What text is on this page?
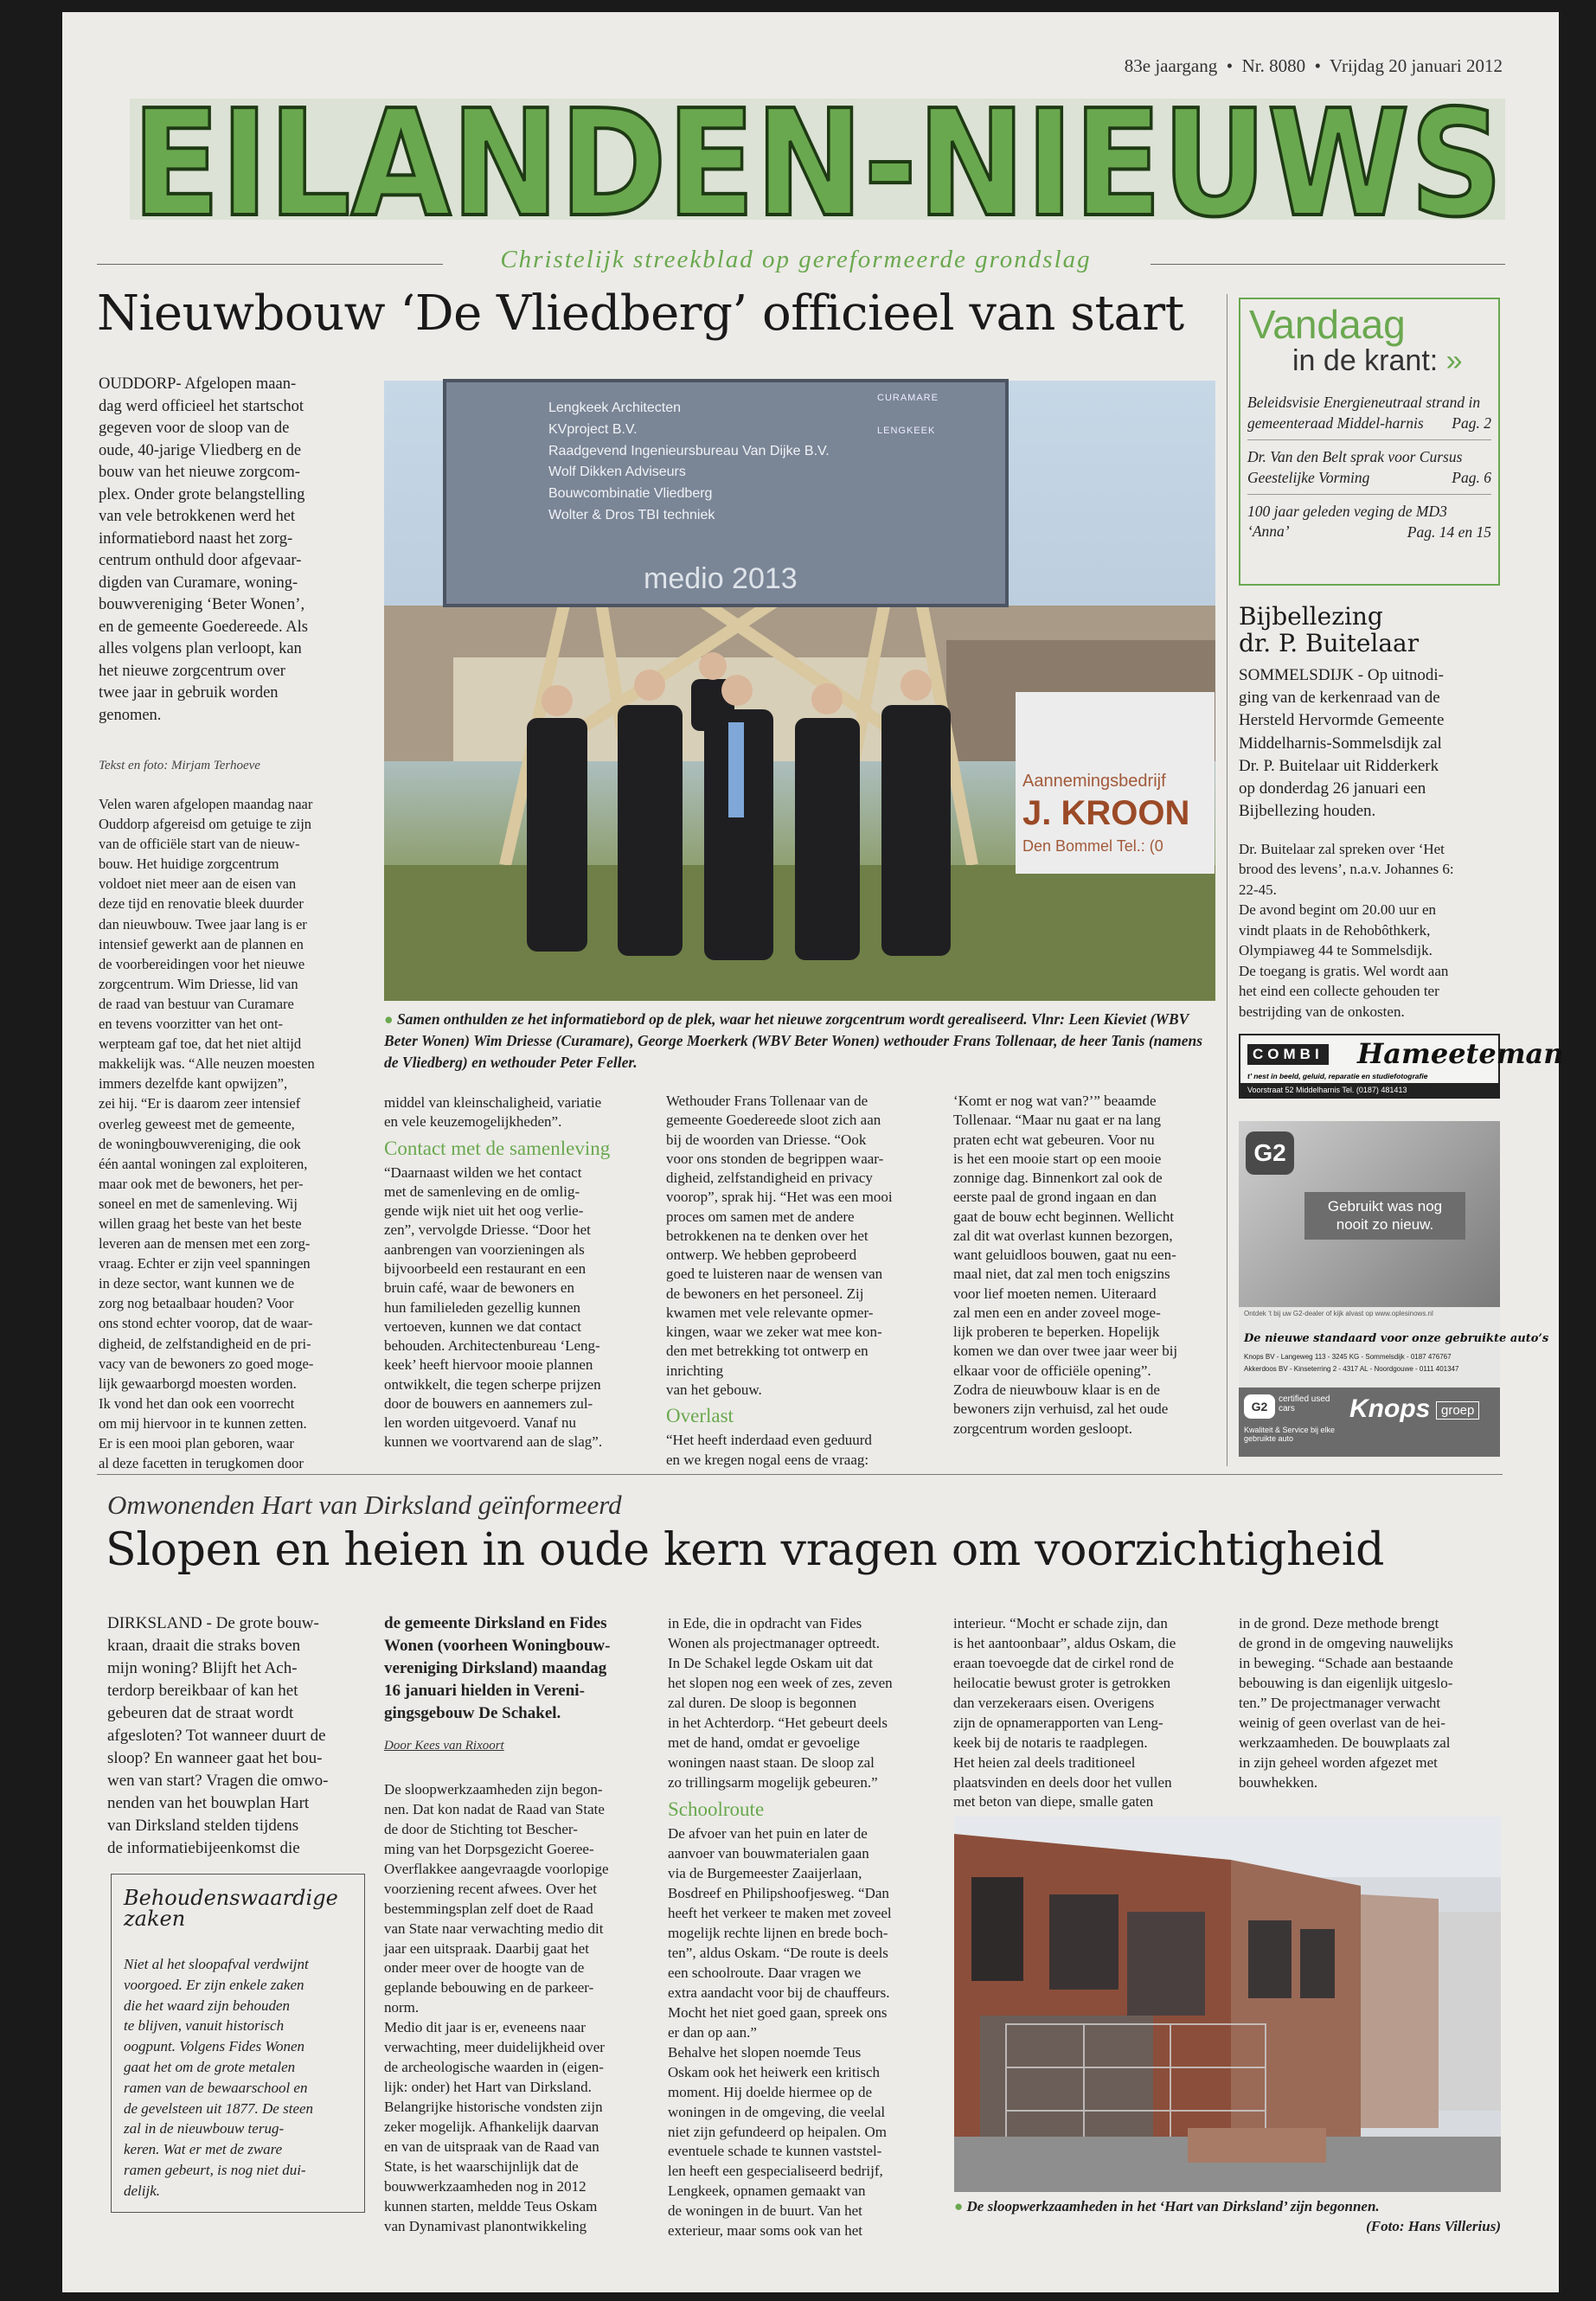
83e jaargang  •  Nr. 8080  •  Vrijdag 20 januari 2012
EILANDEN-NIEUWS
Christelijk streekblad op gereformeerde grondslag
Nieuwbouw ‘De Vliedberg’ officieel van start

OUDDORP- Afgelopen maan-
dag werd officieel het startschot
gegeven voor de sloop van de
oude, 40-jarige Vliedberg en de
bouw van het nieuwe zorgcom-
plex. Onder grote belangstelling
van vele betrokkenen werd het
informatiebord naast het zorg-
centrum onthuld door afgevaar-
digden van Curamare, woning-
bouwvereniging ‘Beter Wonen’,
en de gemeente Goedereede. Als
alles volgens plan verloopt, kan
het nieuwe zorgcentrum over
twee jaar in gebruik worden
genomen.

Tekst en foto: Mirjam Terhoeve

Velen waren afgelopen maandag naar
Ouddorp afgereisd om getuige te zijn
van de officiële start van de nieuw-
bouw. Het huidige zorgcentrum
voldoet niet meer aan de eisen van
deze tijd en renovatie bleek duurder
dan nieuwbouw. Twee jaar lang is er
intensief gewerkt aan de plannen en
de voorbereidingen voor het nieuwe
zorgcentrum. Wim Driesse, lid van
de raad van bestuur van Curamare
en tevens voorzitter van het ont-
werpteam gaf toe, dat het niet altijd
makkelijk was. “Alle neuzen moesten
immers dezelfde kant opwijzen”,
zei hij. “Er is daarom zeer intensief
overleg geweest met de gemeente,
de woningbouwvereniging, die ook
één aantal woningen zal exploiteren,
maar ook met de bewoners, het per-
soneel en met de samenleving. Wij
willen graag het beste van het beste
leveren aan de mensen met een zorg-
vraag. Echter er zijn veel spanningen
in deze sector, want kunnen we de
zorg nog betaalbaar houden? Voor
ons stond echter voorop, dat de waar-
digheid, de zelfstandigheid en de pri-
vacy van de bewoners zo goed moge-
lijk gewaarborgd moesten worden.
Ik vond het dan ook een voorrecht
om mij hiervoor in te kunnen zetten.
Er is een mooi plan geboren, waar
al deze facetten in terugkomen door

Lengkeek Architecten
KVproject B.V.
Raadgevend Ingenieursbureau Van Dijke B.V.
Wolf Dikken Adviseurs
Bouwcombinatie Vliedberg
Wolter & Dros TBI techniek
CURAMARE
LENGKEEK
medio 2013
Aannemingsbedrijf
J. KROON
Den Bommel Tel.: (0
● Samen onthulden ze het informatiebord op de plek, waar het nieuwe zorgcentrum wordt gerealiseerd. Vlnr: Leen Kieviet (WBV Beter Wonen) Wim Driesse (Curamare), George Moerkerk (WBV Beter Wonen) wethouder Frans Tollenaar, de heer Tanis (namens de Vliedberg) en wethouder Peter Feller.

middel van kleinschaligheid, variatie
en vele keuzemogelijkheden”.

Contact met de samenleving

“Daarnaast wilden we het contact
met de samenleving en de omlig-
gende wijk niet uit het oog verlie-
zen”, vervolgde Driesse. “Door het
aanbrengen van voorzieningen als
bijvoorbeeld een restaurant en een
bruin café, waar de bewoners en
hun familieleden gezellig kunnen
vertoeven, kunnen we dat contact
behouden. Architectenbureau ‘Leng-
keek’ heeft hiervoor mooie plannen
ontwikkelt, die tegen scherpe prijzen
door de bouwers en aannemers zul-
len worden uitgevoerd. Vanaf nu
kunnen we voortvarend aan de slag”.

Wethouder Frans Tollenaar van de
gemeente Goedereede sloot zich aan
bij de woorden van Driesse. “Ook
voor ons stonden de begrippen waar-
digheid, zelfstandigheid en privacy
voorop”, sprak hij. “Het was een mooi
proces om samen met de andere
betrokkenen na te denken over het
ontwerp. We hebben geprobeerd
goed te luisteren naar de wensen van
de bewoners en het personeel. Zij
kwamen met vele relevante opmer-
kingen, waar we zeker wat mee kon-
den met betrekking tot ontwerp en inrichting
van het gebouw.

Overlast

“Het heeft inderdaad even geduurd
en we kregen nogal eens de vraag:

‘Komt er nog wat van?’” beaamde
Tollenaar. “Maar nu gaat er na lang
praten echt wat gebeuren. Voor nu
is het een mooie start op een mooie
zonnige dag. Binnenkort zal ook de
eerste paal de grond ingaan en dan
gaat de bouw echt beginnen. Wellicht
zal dit wat overlast kunnen bezorgen,
want geluidloos bouwen, gaat nu een-
maal niet, dat zal men toch enigszins
voor lief moeten nemen. Uiteraard
zal men een en ander zoveel moge-
lijk proberen te beperken. Hopelijk
komen we dan over twee jaar weer bij
elkaar voor de officiële opening”.
Zodra de nieuwbouw klaar is en de
bewoners zijn verhuisd, zal het oude
zorgcentrum worden gesloopt.

Vandaag
in de krant: »
Beleidsvisie Energieneutraal strand in gemeenteraad Middel-harnis	Pag. 2
Dr. Van den Belt sprak voor Cursus Geestelijke Vorming	Pag. 6
100 jaar geleden veging de MD3 ‘Anna’	Pag. 14 en 15
Bijbellezing
dr. P. Buitelaar

SOMMELSDIJK - Op uitnodi-
ging van de kerkenraad van de
Hersteld Hervormde Gemeente
Middelharnis-Sommelsdijk zal
Dr. P. Buitelaar uit Ridderkerk
op donderdag 26 januari een
Bijbellezing houden.

Dr. Buitelaar zal spreken over ‘Het
brood des levens’, n.a.v. Johannes 6:
22-45.
De avond begint om 20.00 uur en
vindt plaats in de Rehobôthkerk,
Olympiaweg 44 te Sommelsdijk.
De toegang is gratis. Wel wordt aan
het eind een collecte gehouden ter
bestrijding van de onkosten.

COMBI Hameeteman
t’ nest in beeld, geluid, reparatie en studiefotografie
Voorstraat 52 Middelharnis Tel. (0187) 481413
G2
Gebruikt was nog nooit zo nieuw.
Ontdek ’t bij uw G2-dealer of kijk alvast op www.oplesinows.nl
De nieuwe standaard voor onze gebruikte auto’s
Knops BV - Langeweg 113 - 3245 KG - Sommelsdijk - 0187 476767
Akkerdoos BV - Kinseterring 2 - 4317 AL - Noordgouwe - 0111 401347
G2
certified used cars
Kwaliteit & Service bij elke gebruikte auto
Knops groep
Omwonenden Hart van Dirksland geïnformeerd
Slopen en heien in oude kern vragen om voorzichtigheid

DIRKSLAND - De grote bouw-
kraan, draait die straks boven
mijn woning? Blijft het Ach-
terdorp bereikbaar of kan het
gebeuren dat de straat wordt
afgesloten? Tot wanneer duurt de
sloop? En wanneer gaat het bou-
wen van start? Vragen die omwo-
nenden van het bouwplan Hart
van Dirksland stelden tijdens
de informatiebijeenkomst die

Behoudenswaardige
zaken
Niet al het sloopafval verdwijnt
voorgoed. Er zijn enkele zaken
die het waard zijn behouden
te blijven, vanuit historisch
oogpunt. Volgens Fides Wonen
gaat het om de grote metalen
ramen van de bewaarschool en
de gevelsteen uit 1877. De steen
zal in de nieuwbouw terug-
keren. Wat er met de zware
ramen gebeurt, is nog niet dui-
delijk.

de gemeente Dirksland en Fides
Wonen (voorheen Woningbouw-
vereniging Dirksland) maandag
16 januari hielden in Vereni-
gingsgebouw De Schakel.

Door Kees van Rixoort

De sloopwerkzaamheden zijn begon-
nen. Dat kon nadat de Raad van State
de door de Stichting tot Bescher-
ming van het Dorpsgezicht Goeree-
Overflakkee aangevraagde voorlopige
voorziening recent afwees. Over het
bestemmingsplan zelf doet de Raad
van State naar verwachting medio dit
jaar een uitspraak. Daarbij gaat het
onder meer over de hoogte van de
geplande bebouwing en de parkeer-
norm.
Medio dit jaar is er, eveneens naar
verwachting, meer duidelijkheid over
de archeologische waarden in (eigen-
lijk: onder) het Hart van Dirksland.
Belangrijke historische vondsten zijn
zeker mogelijk. Afhankelijk daarvan
en van de uitspraak van de Raad van
State, is het waarschijnlijk dat de
bouwwerkzaamheden nog in 2012
kunnen starten, meldde Teus Oskam
van Dynamivast planontwikkeling

in Ede, die in opdracht van Fides
Wonen als projectmanager optreedt.
In De Schakel legde Oskam uit dat
het slopen nog een week of zes, zeven
zal duren. De sloop is begonnen
in het Achterdorp. “Het gebeurt deels
met de hand, omdat er gevoelige
woningen naast staan. De sloop zal
zo trillingsarm mogelijk gebeuren.”

Schoolroute

De afvoer van het puin en later de
aanvoer van bouwmaterialen gaan
via de Burgemeester Zaaijerlaan,
Bosdreef en Philipshoofjesweg. “Dan
heeft het verkeer te maken met zoveel
mogelijk rechte lijnen en brede boch-
ten”, aldus Oskam. “De route is deels
een schoolroute. Daar vragen we
extra aandacht voor bij de chauffeurs.
Mocht het niet goed gaan, spreek ons
er dan op aan.”
Behalve het slopen noemde Teus
Oskam ook het heiwerk een kritisch
moment. Hij doelde hiermee op de
woningen in de omgeving, die veelal
niet zijn gefundeerd op heipalen. Om
eventuele schade te kunnen vaststel-
len heeft een gespecialiseerd bedrijf,
Lengkeek, opnamen gemaakt van
de woningen in de buurt. Van het
exterieur, maar soms ook van het

interieur. “Mocht er schade zijn, dan
is het aantoonbaar”, aldus Oskam, die
eraan toevoegde dat de cirkel rond de
heilocatie bewust groter is getrokken
dan verzekeraars eisen. Overigens
zijn de opnamerapporten van Leng-
keek bij de notaris te raadplegen.
Het heien zal deels traditioneel
plaatsvinden en deels door het vullen
met beton van diepe, smalle gaten

in de grond. Deze methode brengt
de grond in de omgeving nauwelijks
in beweging. “Schade aan bestaande
bebouwing is dan eigenlijk uitgeslo-
ten.” De projectmanager verwacht
weinig of geen overlast van de hei-
werkzaamheden. De bouwplaats zal
in zijn geheel worden afgezet met
bouwhekken.

● De sloopwerkzaamheden in het ‘Hart van Dirksland’ zijn begonnen.
(Foto: Hans Villerius)
